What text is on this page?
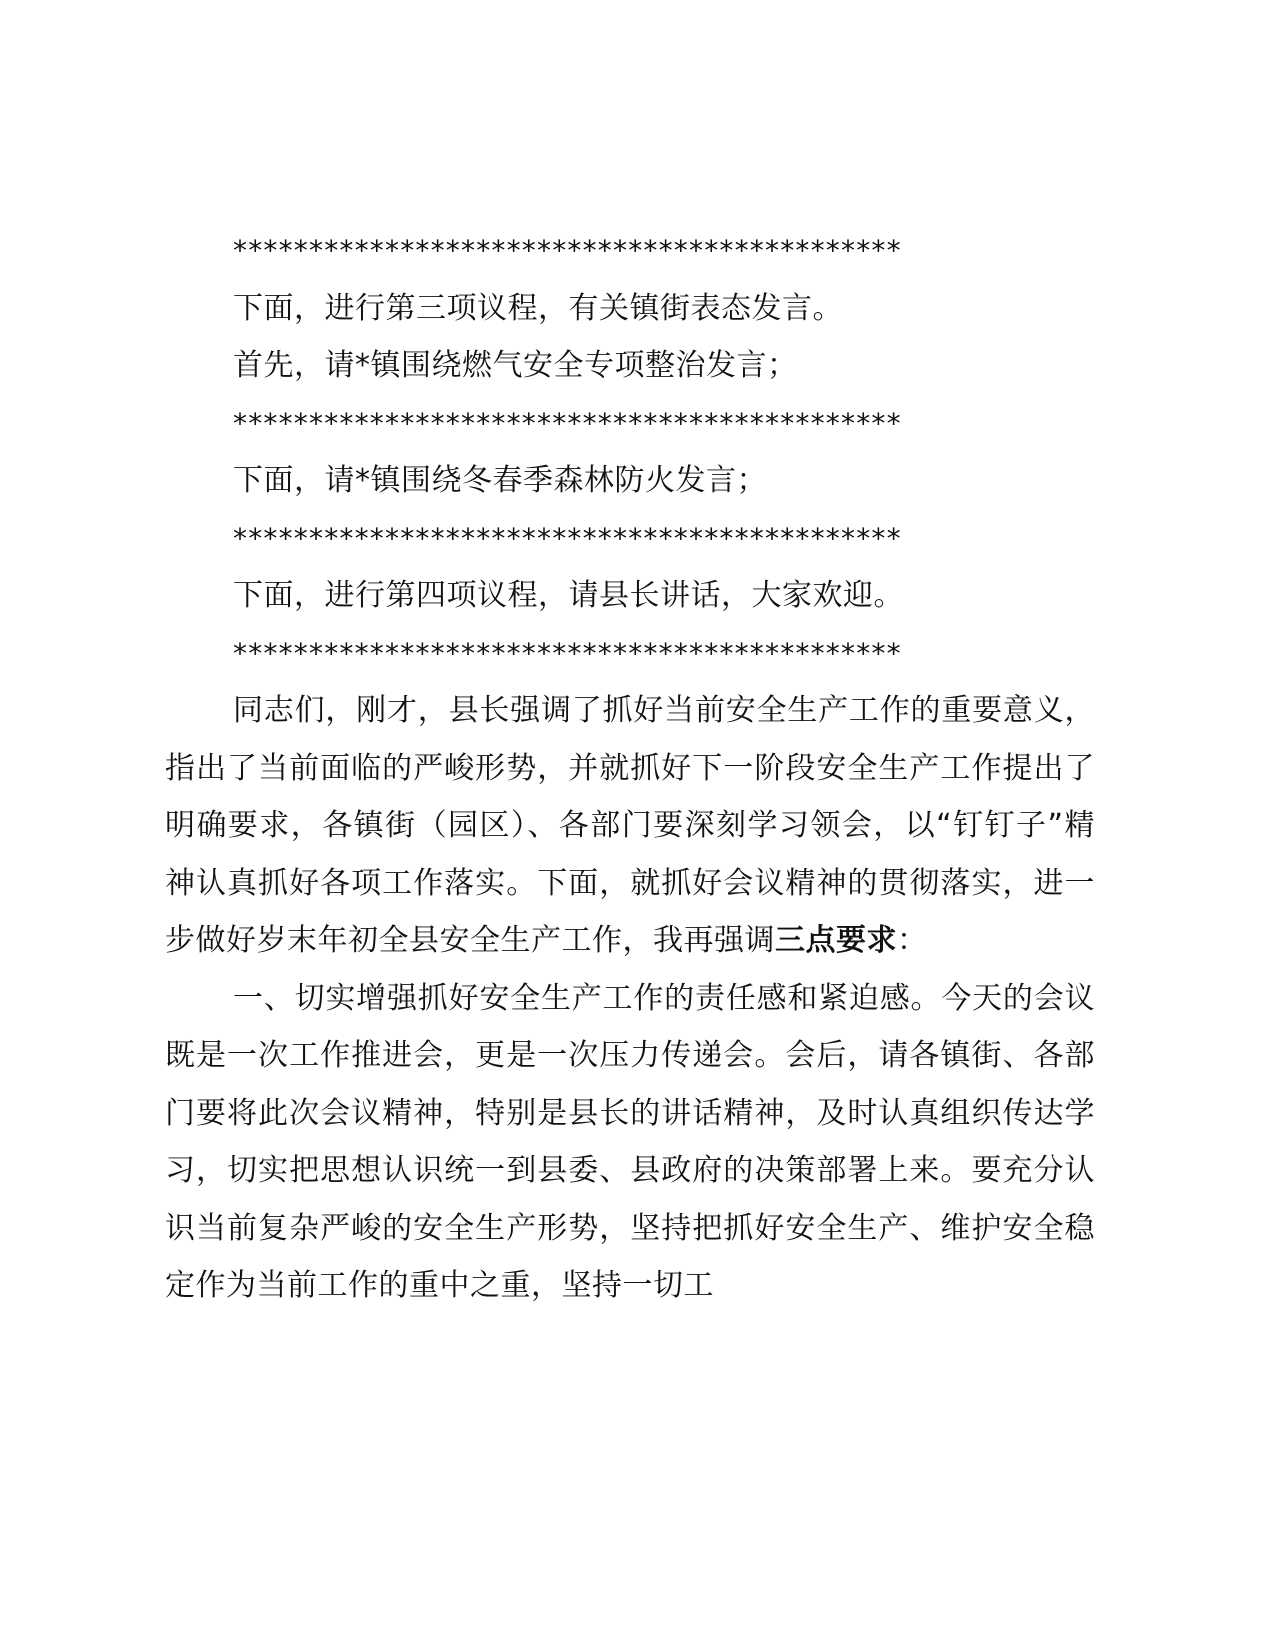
********************************************
下面，进行第三项议程，有关镇街表态发言。
首先，请*镇围绕燃气安全专项整治发言；
********************************************
下面，请*镇围绕冬春季森林防火发言；
********************************************
下面，进行第四项议程，请县长讲话，大家欢迎。
********************************************

同志们，刚才，县长强调了抓好当前安全生产工作的重要意义，指出了当前面临的严峻形势，并就抓好下一阶段安全生产工作提出了明确要求，各镇街（园区）、各部门要深刻学习领会，以“钉钉子”精神认真抓好各项工作落实。下面，就抓好会议精神的贯彻落实，进一步做好岁末年初全县安全生产工作，我再强调三点要求：

一、切实增强抓好安全生产工作的责任感和紧迫感。今天的会议既是一次工作推进会，更是一次压力传递会。会后，请各镇街、各部门要将此次会议精神，特别是县长的讲话精神，及时认真组织传达学习，切实把思想认识统一到县委、县政府的决策部署上来。要充分认识当前复杂严峻的安全生产形势，坚持把抓好安全生产、维护安全稳定作为当前工作的重中之重，坚持一切工
